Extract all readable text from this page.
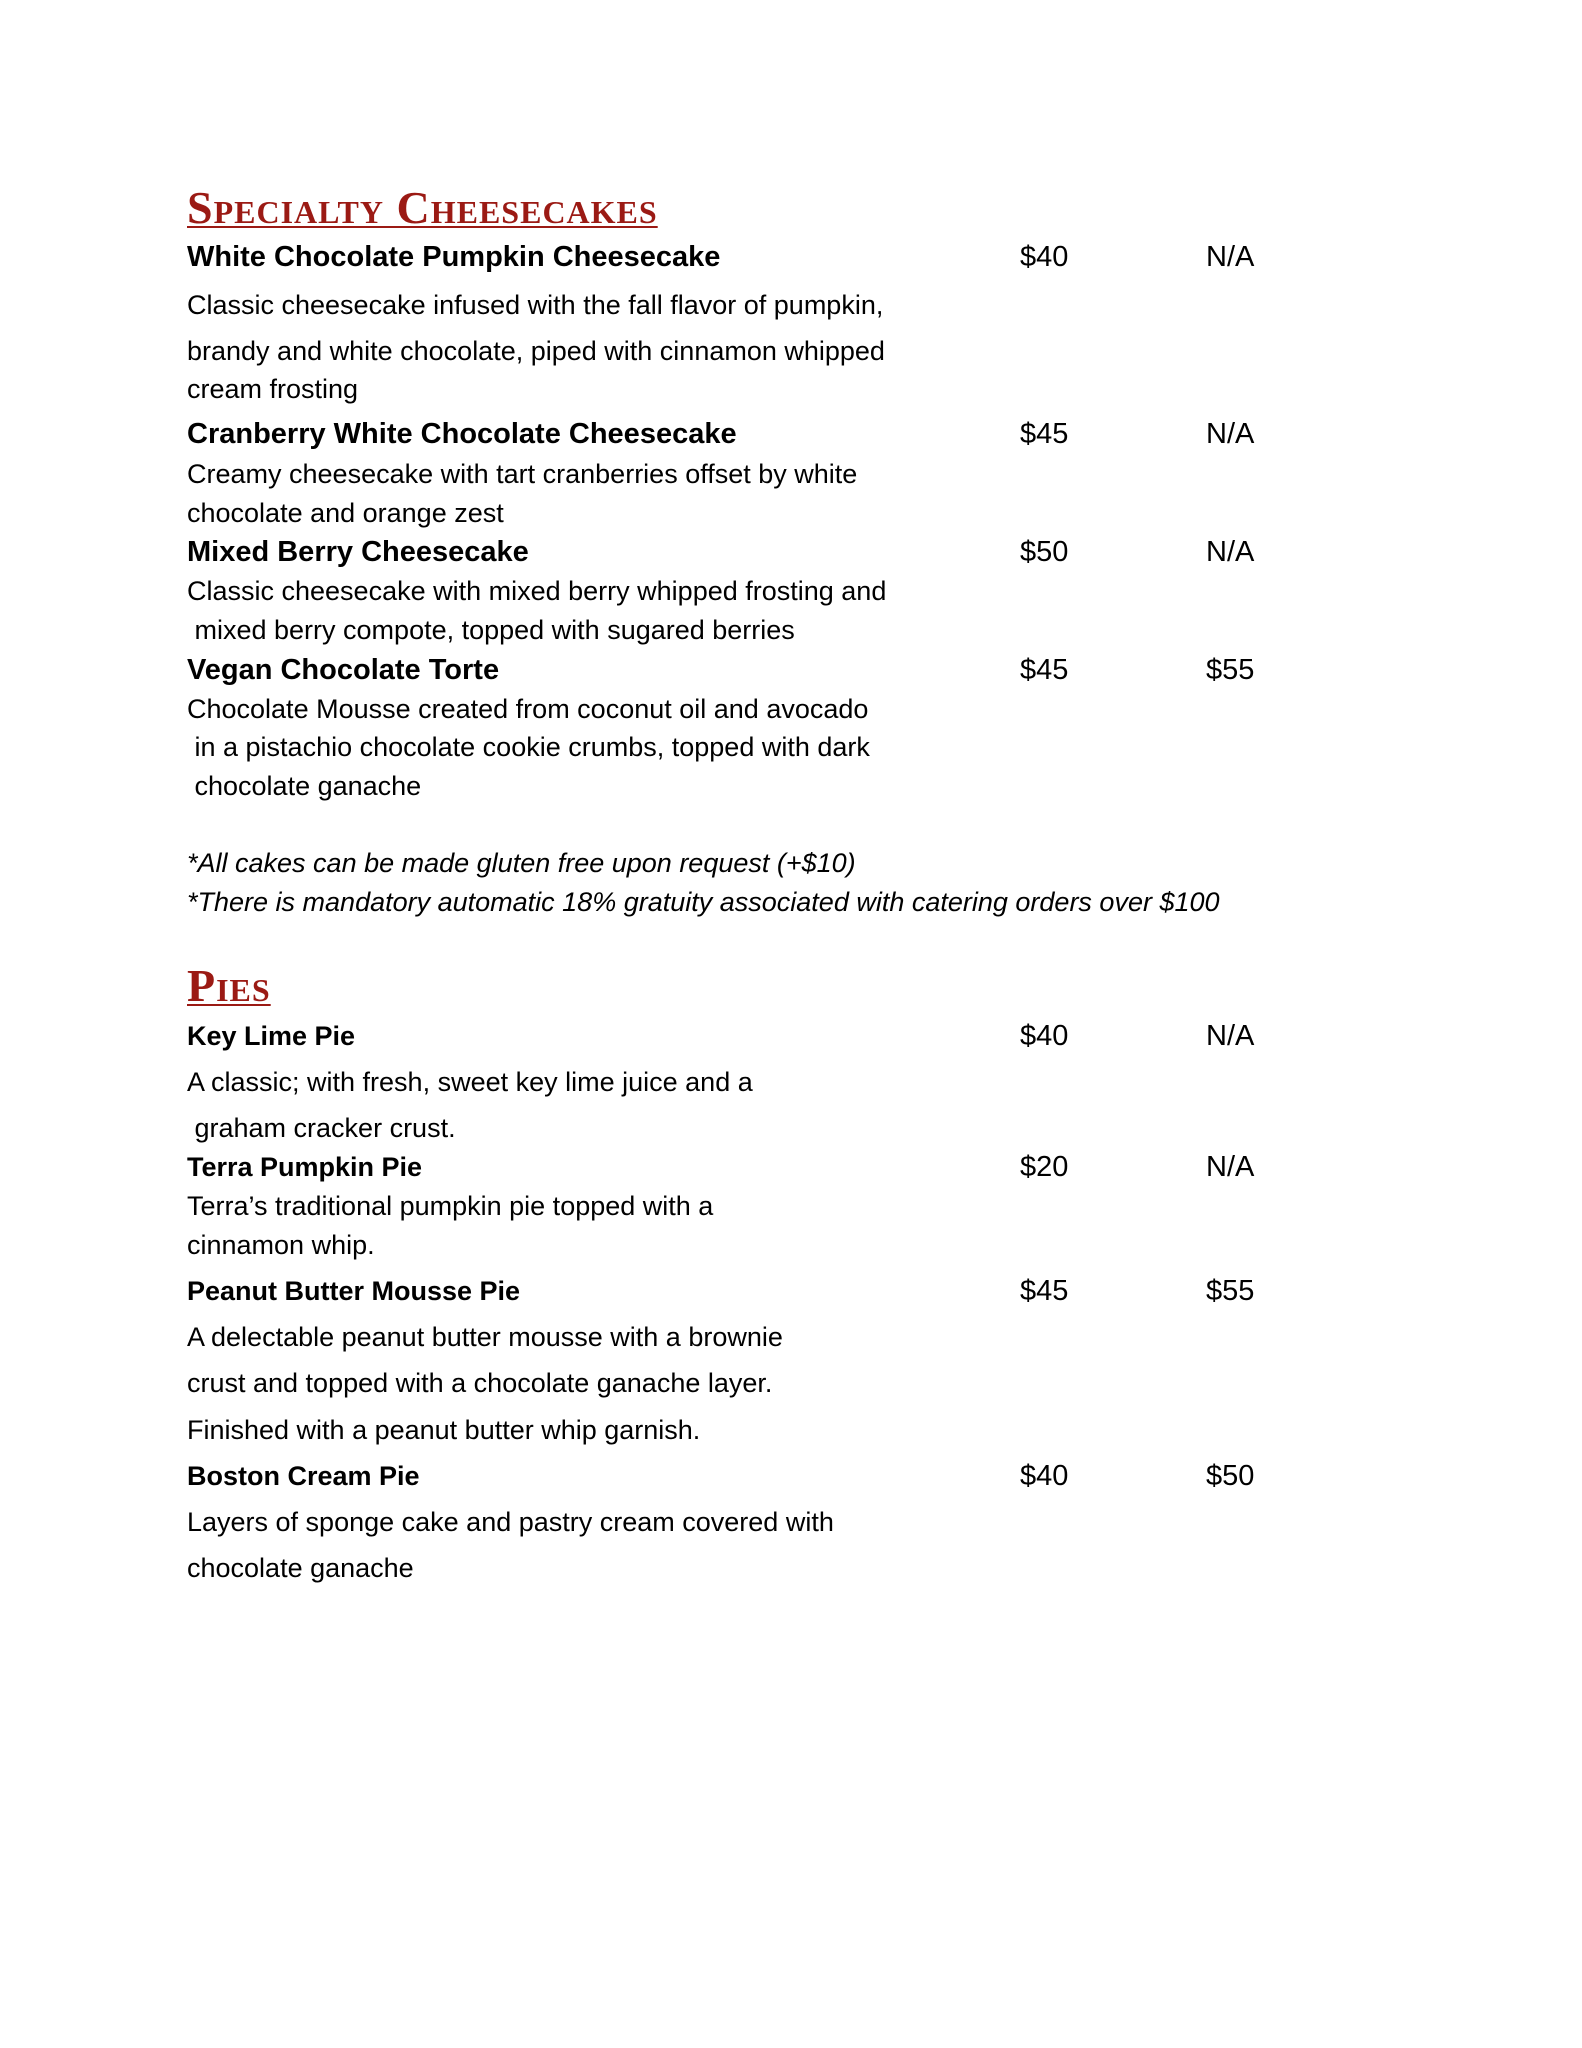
Specialty Cheesecakes
White Chocolate Pumpkin Cheesecake	$40	N/A
Classic cheesecake infused with the fall flavor of pumpkin,
brandy and white chocolate, piped with cinnamon whipped
cream frosting
Cranberry White Chocolate Cheesecake	$45	N/A
Creamy cheesecake with tart cranberries offset by white
chocolate and orange zest
Mixed Berry Cheesecake	$50	N/A
Classic cheesecake with mixed berry whipped frosting and
mixed berry compote, topped with sugared berries
Vegan Chocolate Torte	$45	$55
Chocolate Mousse created from coconut oil and avocado
in a pistachio chocolate cookie crumbs, topped with dark
chocolate ganache
*All cakes can be made gluten free upon request (+$10)
*There is mandatory automatic 18% gratuity associated with catering orders over $100
Pies
Key Lime Pie	$40	N/A
A classic; with fresh, sweet key lime juice and a
graham cracker crust.
Terra Pumpkin Pie	$20	N/A
Terra’s traditional pumpkin pie topped with a
cinnamon whip.
Peanut Butter Mousse Pie	$45	$55
A delectable peanut butter mousse with a brownie
crust and topped with a chocolate ganache layer.
Finished with a peanut butter whip garnish.
Boston Cream Pie	$40	$50
Layers of sponge cake and pastry cream covered with
chocolate ganache
